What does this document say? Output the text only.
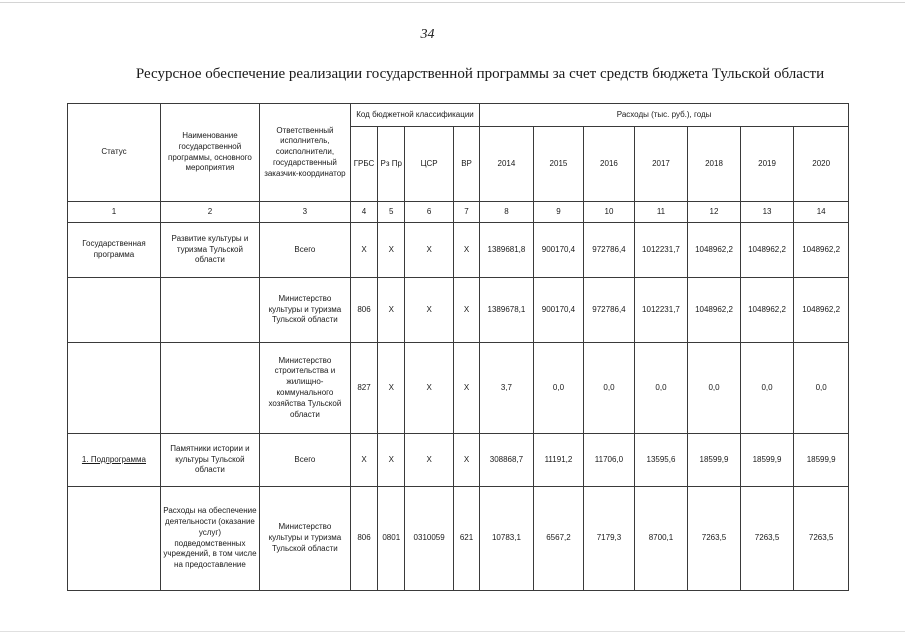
34
Ресурсное обеспечение реализации государственной программы за счет средств бюджета Тульской области
Статус	Наименование государственной программы, основного мероприятия	Ответственный исполнитель, соисполнители, государственный заказчик-координатор	Код бюджетной классификации				Расходы (тыс. руб.), годы						
			ГРБС	Рз Пр	ЦСР	ВР	2014	2015	2016	2017	2018	2019	2020
1	2	3	4	5	6	7	8	9	10	11	12	13	14
Государственная программа	Развитие культуры и туризма Тульской области	Всего	Х	Х	Х	Х	1389681,8	900170,4	972786,4	1012231,7	1048962,2	1048962,2	1048962,2
		Министерство культуры и туризма Тульской области	806	Х	Х	Х	1389678,1	900170,4	972786,4	1012231,7	1048962,2	1048962,2	1048962,2
		Министерство строительства и жилищно-коммунального хозяйства Тульской области	827	Х	Х	Х	3,7	0,0	0,0	0,0	0,0	0,0	0,0
1. Подпрограмма	Памятники истории и культуры Тульской области	Всего	Х	Х	Х	Х	308868,7	11191,2	11706,0	13595,6	18599,9	18599,9	18599,9
	Расходы на обеспечение деятельности (оказание услуг) подведомственных учреждений, в том числе на предоставление	Министерство культуры и туризма Тульской области	806	0801	0310059	621	10783,1	6567,2	7179,3	8700,1	7263,5	7263,5	7263,5
